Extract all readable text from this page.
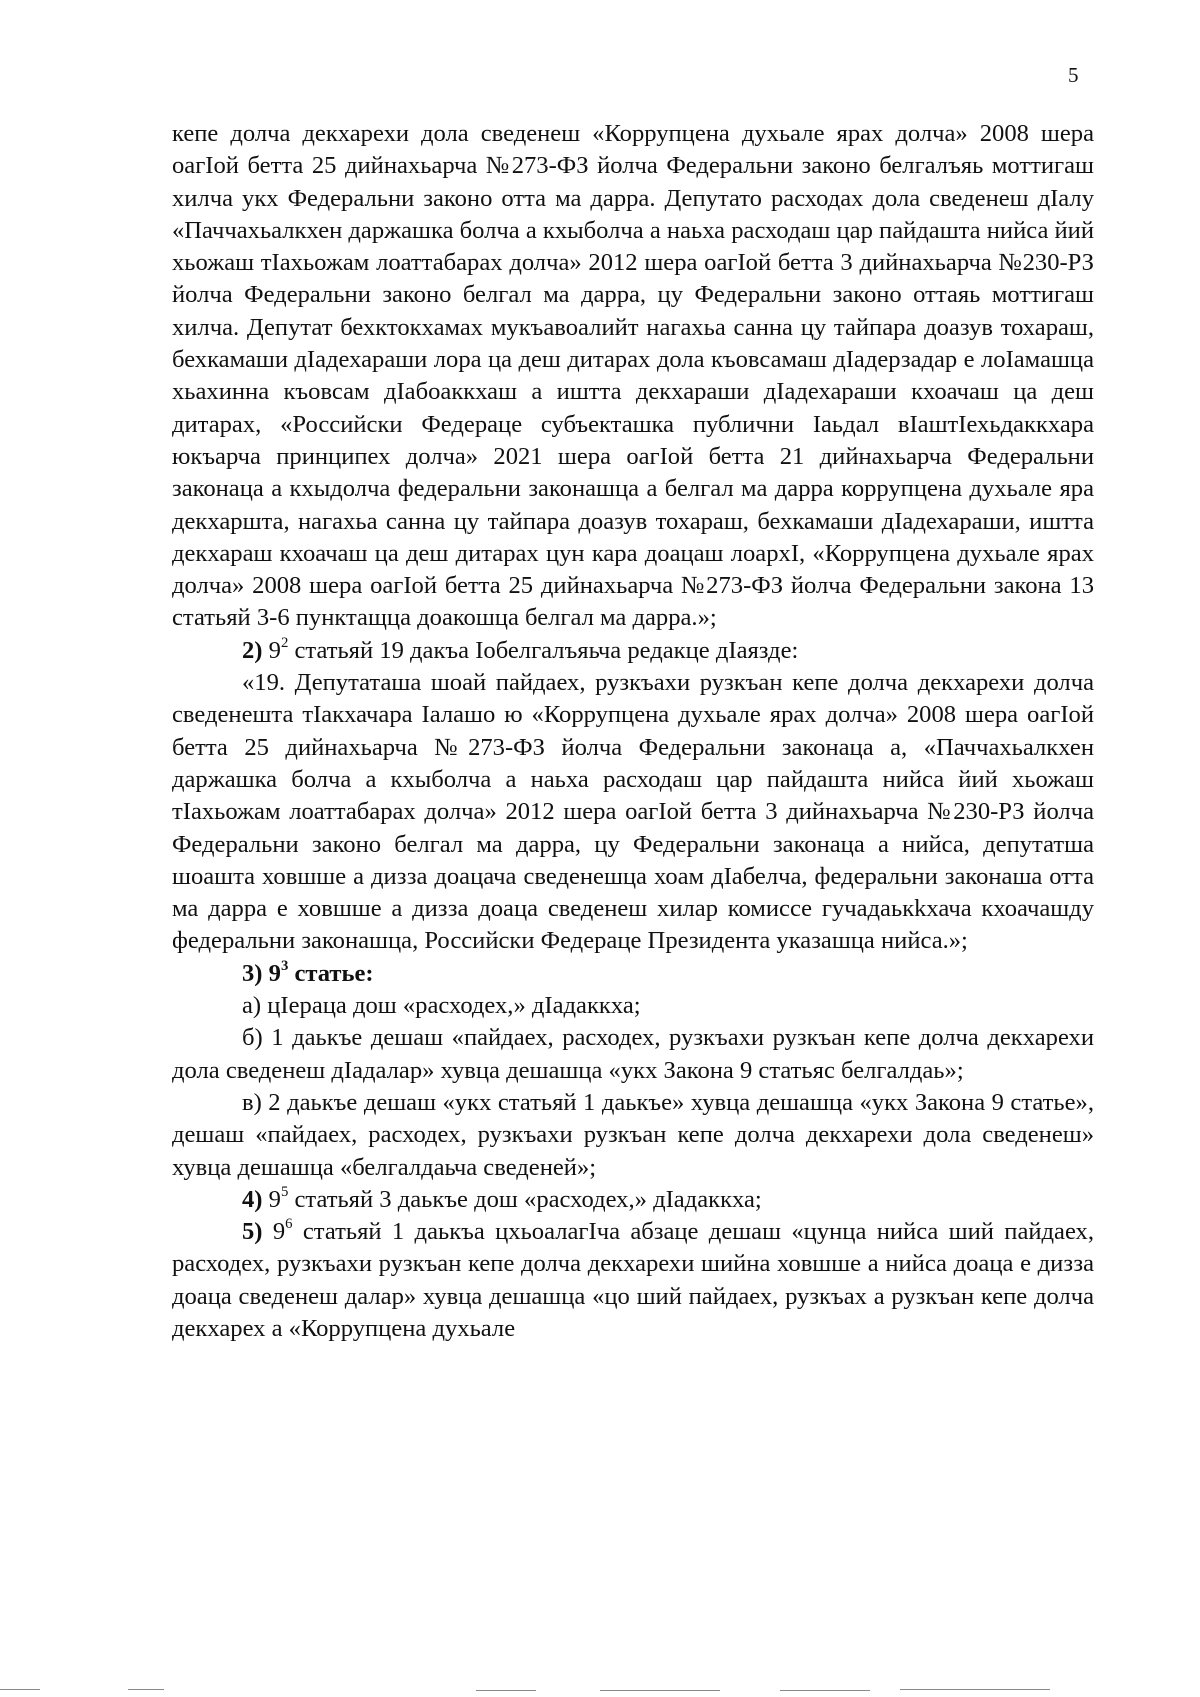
5

кепе долча декхарехи дола сведенеш «Коррупцена духьале ярах долча» 2008 шера оагIой бетта 25 дийнахьарча №273-ФЗ йолча Федеральни законо белгалъяь моттигаш хилча укх Федеральни законо отта ма дарра. Депутато расходах дола сведенеш дIалу «Паччахьалкхен даржашка болча а кхыболча а наьха расходаш цар пайдашта нийса йий хьожаш тIахьожам лоаттабарах долча» 2012 шера оагIой бетта 3 дийнахьарча №230-РЗ йолча Федеральни законо белгал ма дарра, цу Федеральни законо оттаяь моттигаш хилча. Депутат бехктокхамах мукъавоалийт нагахьа санна цу тайпара доазув тохараш, бехкамаши дIадехараши лора ца деш дитарах дола къовсамаш дIадерзадар е лоIамашца хьахинна къовсам дIабоаккхаш а иштта декхараши дIадехараши кхоачаш ца деш дитарах, «Российски Федераце субъекташка публични Iаьдал вIаштIехьдаккхара юкъарча принципех долча» 2021 шера оагIой бетта 21 дийнахьарча Федеральни законаца а кхыдолча федеральни законашца а белгал ма дарра коррупцена духьале яра декхаршта, нагахьа санна цу тайпара доазув тохараш, бехкамаши дIадехараши, иштта декхараш кхоачаш ца деш дитарах цун кара доацаш лоархI, «Коррупцена духьале ярах долча» 2008 шера оагIой бетта 25 дийнахьарча №273-ФЗ йолча Федеральни закона 13 статьяй 3-6 пунктащца доакошца белгал ма дарра.»;

2) $9^2$ статьяй 19 дакъа Iобелгалъяьча редакце дIаязде:

«19. Депутаташа шоай пайдаех, рузкъахи рузкъан кепе долча декхарехи долча сведенешта тIакхачара Iалашо ю «Коррупцена духьале ярах долча» 2008 шера оагIой бетта 25 дийнахьарча №273-ФЗ йолча Федеральни законаца а, «Паччахьалкхен даржашка болча а кхыболча а наьха расходаш цар пайдашта нийса йий хьожаш тIахьожам лоаттабарах долча» 2012 шера оагIой бетта 3 дийнахьарча №230-РЗ йолча Федеральни законо белгал ма дарра, цу Федеральни законаца а нийса, депутатша шоашта ховшше а дизза доацача сведенешца хоам дIабелча, федеральни законаша отта ма дарра е ховшше а дизза доаца сведенеш хилар комиссе гучадаькkхача кхоачашду федеральни законашца, Российски Федераце Президента указашца нийса.»;

3) $9^3$ статье:

а) цIераца дош «расходех,» дIадаккха;

б) 1 даькъе дешаш «пайдаех, расходех, рузкъахи рузкъан кепе долча декхарехи дола сведенеш дIадалар» хувца дешашца «укх Закона 9 статьяс белгалдаь»;

в) 2 даькъе дешаш «укх статьяй 1 даькъе» хувца дешашца «укх Закона 9 статье», дешаш «пайдаех, расходех, рузкъахи рузкъан кепе долча декхарехи дола сведенеш» хувца дешашца «белгалдаьча сведеней»;

4) $9^5$ статьяй 3 даькъе дош «расходех,» дIадаккха;

5) $9^6$ статьяй 1 даькъа цхьоалагIча абзаце дешаш «цунца нийса ший пайдаех, расходех, рузкъахи рузкъан кепе долча декхарехи шийна ховшше а нийса доаца е дизза доаца сведенеш далар» хувца дешашца «цо ший пайдаех, рузкъах а рузкъан кепе долча декхарех а «Коррупцена духьале
